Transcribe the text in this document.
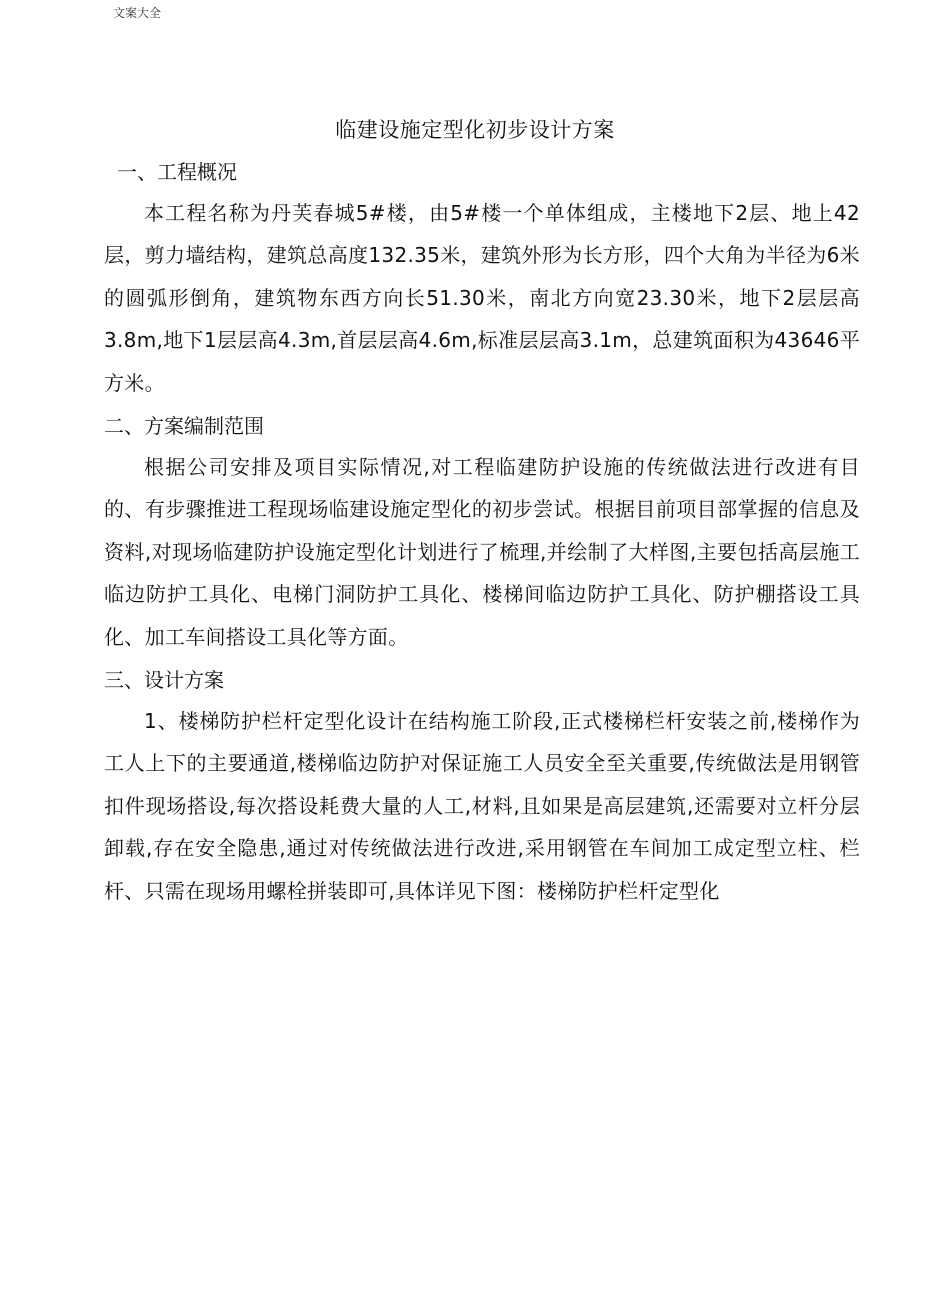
文案大全
临建设施定型化初步设计方案
一、工程概况
本工程名称为丹芙春城5#楼，由5#楼一个单体组成，主楼地下2层、地上42层，剪力墙结构，建筑总高度132.35米，建筑外形为长方形，四个大角为半径为6米的圆弧形倒角，建筑物东西方向长51.30米，南北方向宽23.30米，地下2层层高3.8m,地下1层层高4.3m,首层层高4.6m,标准层层高3.1m，总建筑面积为43646平方米。
二、方案编制范围
根据公司安排及项目实际情况,对工程临建防护设施的传统做法进行改进有目的、有步骤推进工程现场临建设施定型化的初步尝试。根据目前项目部掌握的信息及资料,对现场临建防护设施定型化计划进行了梳理,并绘制了大样图,主要包括高层施工临边防护工具化、电梯门洞防护工具化、楼梯间临边防护工具化、防护棚搭设工具化、加工车间搭设工具化等方面。
三、设计方案
1、楼梯防护栏杆定型化设计在结构施工阶段,正式楼梯栏杆安装之前,楼梯作为工人上下的主要通道,楼梯临边防护对保证施工人员安全至关重要,传统做法是用钢管扣件现场搭设,每次搭设耗费大量的人工,材料,且如果是高层建筑,还需要对立杆分层卸载,存在安全隐患,通过对传统做法进行改进,采用钢管在车间加工成定型立柱、栏杆、只需在现场用螺栓拼装即可,具体详见下图：楼梯防护栏杆定型化
